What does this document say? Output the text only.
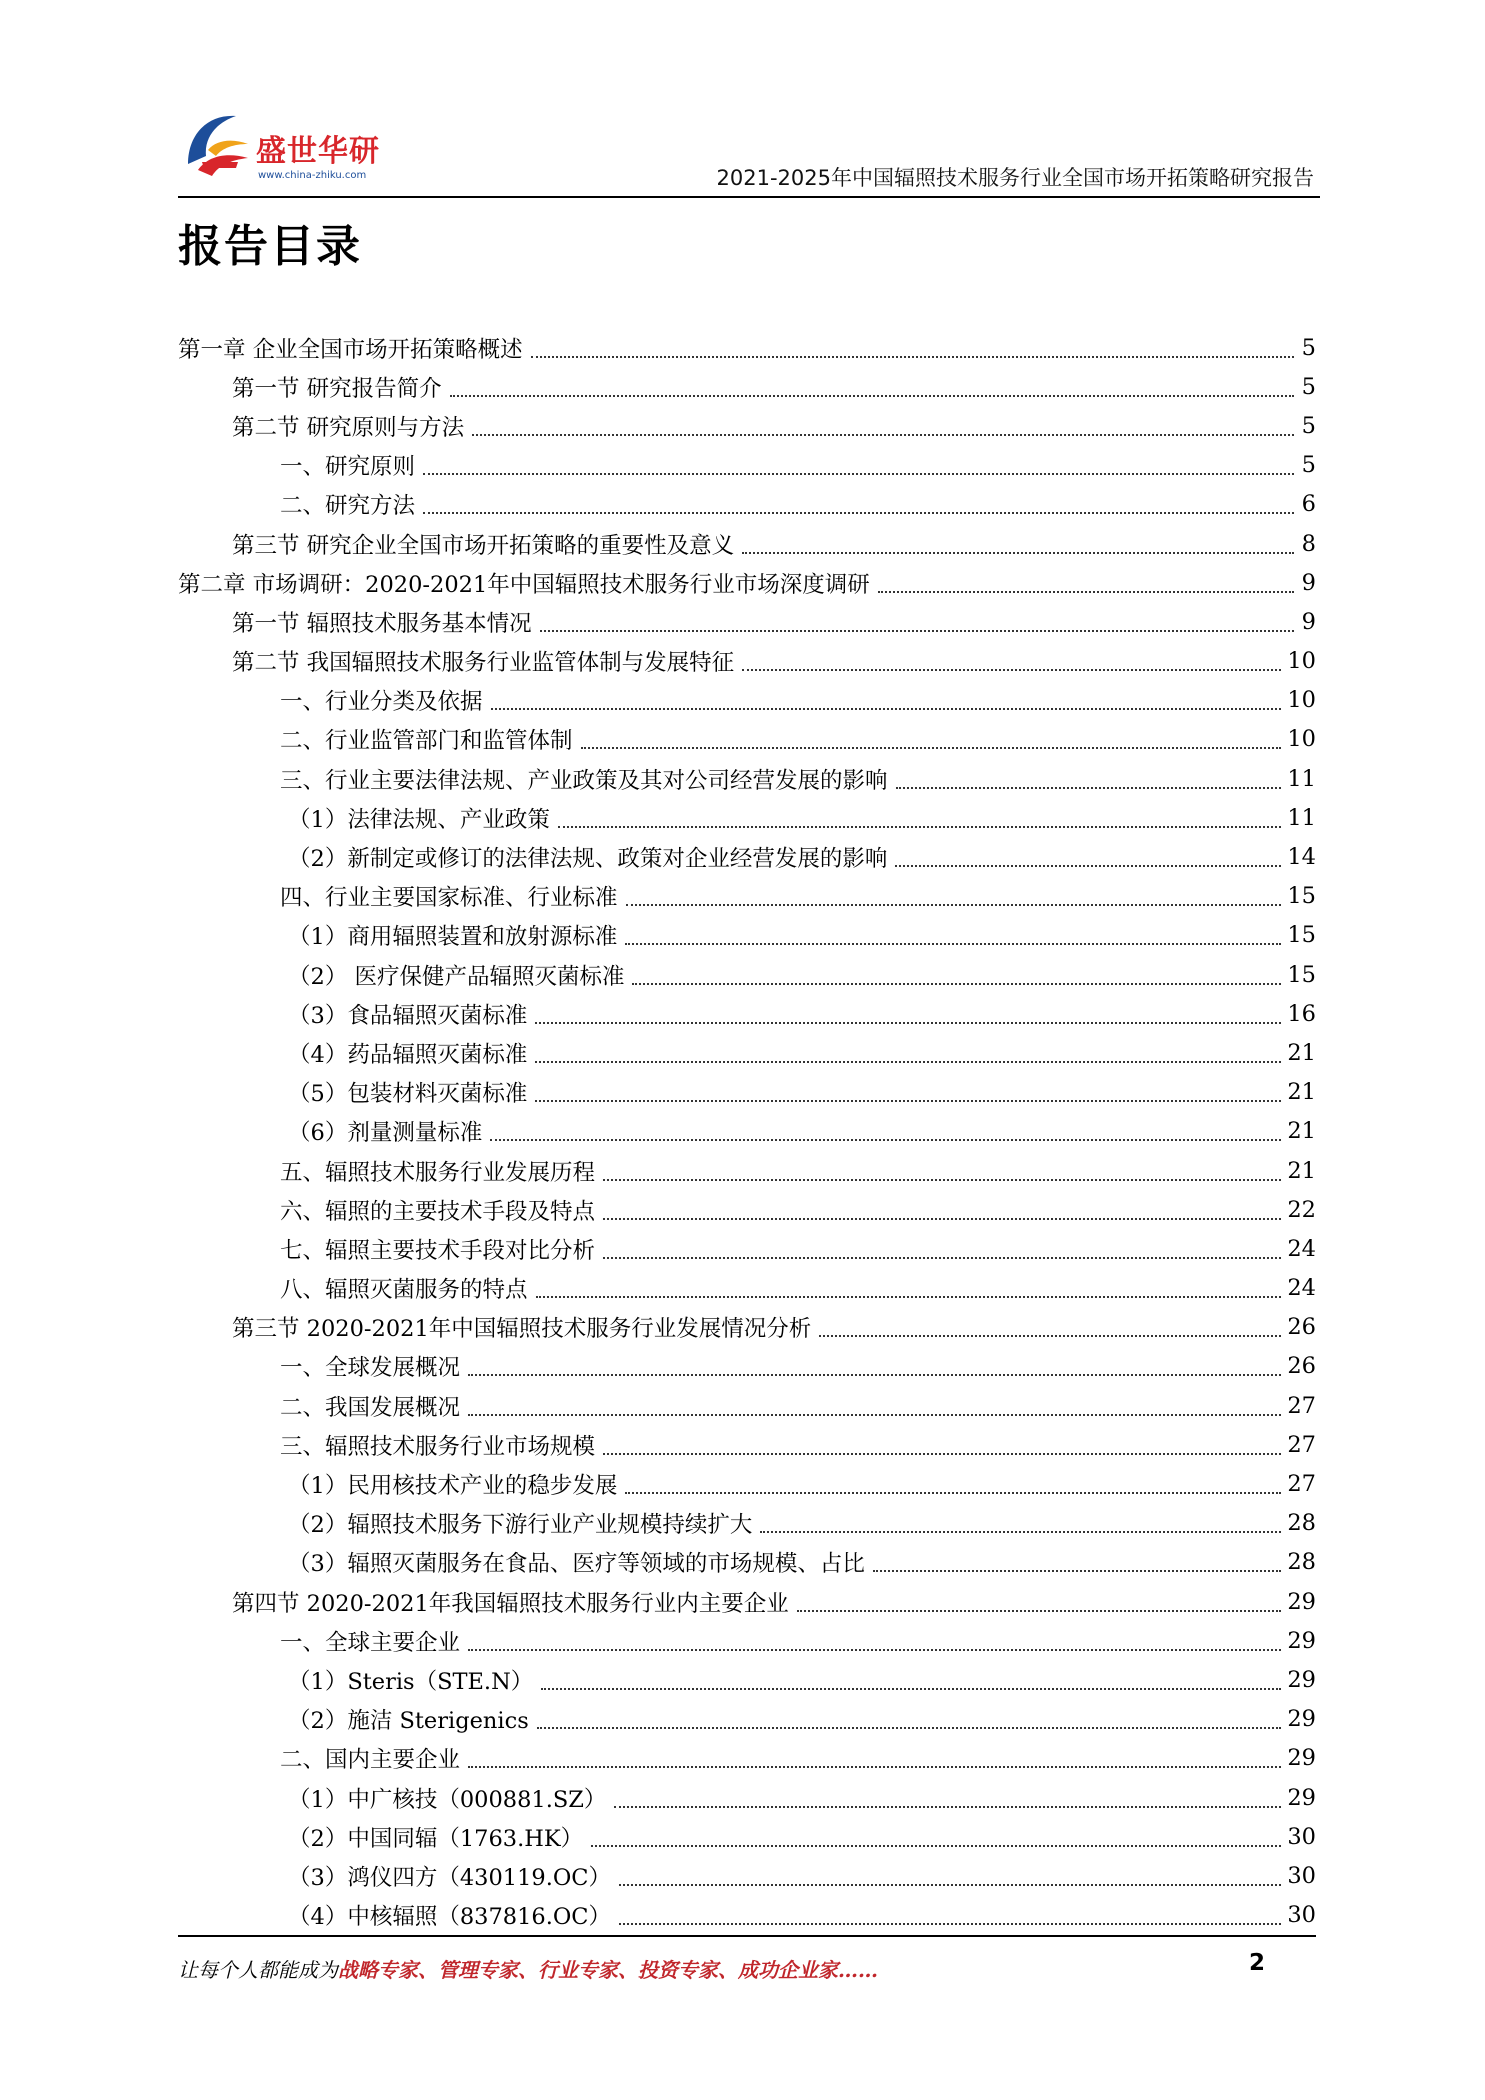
盛世华研
www.china-zhiku.com	2021-2025年中国辐照技术服务行业全国市场开拓策略研究报告
报告目录
第一章 企业全国市场开拓策略概述	5
第一节 研究报告简介	5
第二节 研究原则与方法	5
一、研究原则	5
二、研究方法	6
第三节 研究企业全国市场开拓策略的重要性及意义	8
第二章 市场调研：2020-2021年中国辐照技术服务行业市场深度调研	9
第一节 辐照技术服务基本情况	9
第二节 我国辐照技术服务行业监管体制与发展特征	10
一、行业分类及依据	10
二、行业监管部门和监管体制	10
三、行业主要法律法规、产业政策及其对公司经营发展的影响	11
（1）法律法规、产业政策	11
（2）新制定或修订的法律法规、政策对企业经营发展的影响	14
四、行业主要国家标准、行业标准	15
（1）商用辐照装置和放射源标准	15
（2） 医疗保健产品辐照灭菌标准	15
（3）食品辐照灭菌标准	16
（4）药品辐照灭菌标准	21
（5）包装材料灭菌标准	21
（6）剂量测量标准	21
五、辐照技术服务行业发展历程	21
六、辐照的主要技术手段及特点	22
七、辐照主要技术手段对比分析	24
八、辐照灭菌服务的特点	24
第三节 2020-2021年中国辐照技术服务行业发展情况分析	26
一、全球发展概况	26
二、我国发展概况	27
三、辐照技术服务行业市场规模	27
（1）民用核技术产业的稳步发展	27
（2）辐照技术服务下游行业产业规模持续扩大	28
（3）辐照灭菌服务在食品、医疗等领域的市场规模、占比	28
第四节 2020-2021年我国辐照技术服务行业内主要企业	29
一、全球主要企业	29
（1）Steris（STE.N）	29
（2）施洁 Sterigenics	29
二、国内主要企业	29
（1）中广核技（000881.SZ）	29
（2）中国同辐（1763.HK）	30
（3）鸿仪四方（430119.OC）	30
（4）中核辐照（837816.OC）	30
让每个人都能成为战略专家、管理专家、行业专家、投资专家、成功企业家……	2
